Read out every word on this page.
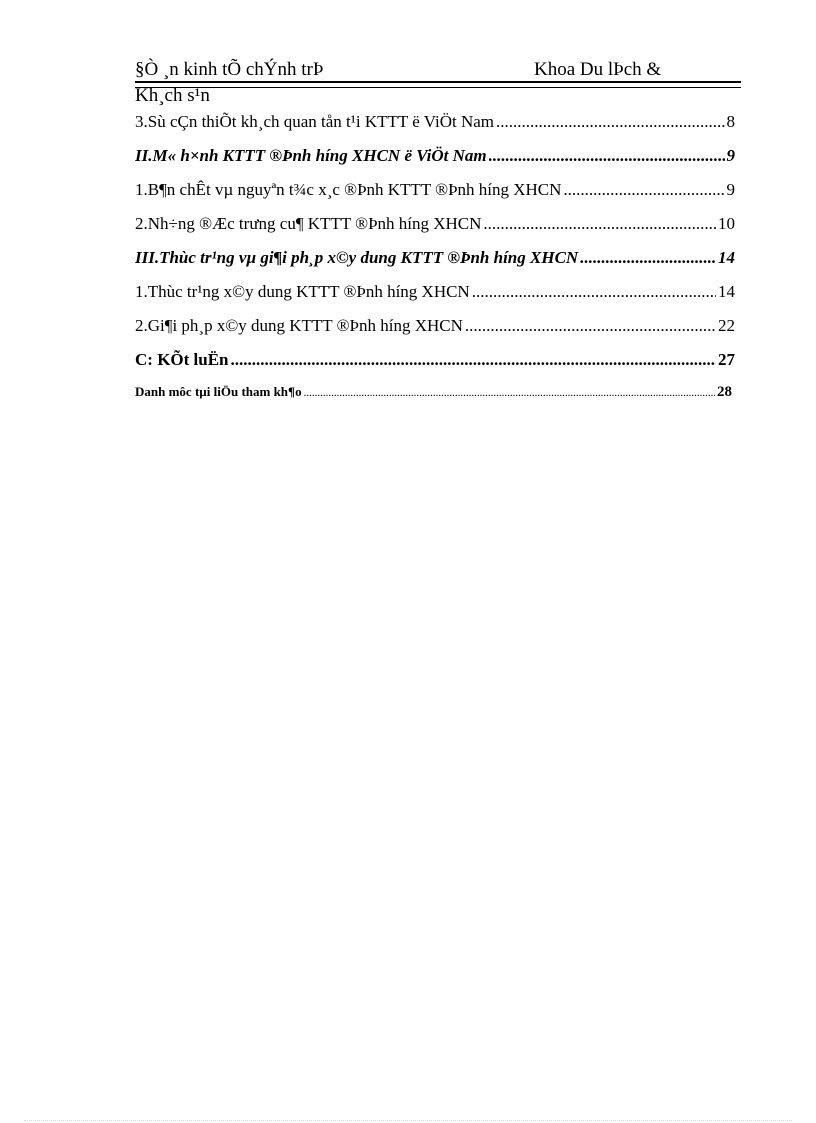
§Ò ¸n kinh tÕ chÝnh trÞ	Khoa Du lÞch &
Kh¸ch s¹n
3.Sù cÇn thiÕt kh¸ch quan tån t¹i KTTT ë ViÖt Nam .....	8
II.M« h×nh KTTT ®Þnh híng XHCN ë ViÖt Nam .....	9
1.B¶n chÊt vµ nguyªn t¾c x¸c ®Þnh KTTT ®Þnh híng XHCN .....	9
2.Nh÷ng ®Æc trưng cu¶ KTTT ®Þnh híng XHCN .....	10
III.Thùc tr¹ng vµ gi¶i ph¸p x©y dung KTTT ®Þnh híng XHCN .....	14
1.Thùc tr¹ng x©y dung KTTT ®Þnh híng XHCN .....	14
2.Gi¶i ph¸p x©y dung KTTT ®Þnh híng XHCN .....	22
C: KÕt luËn .....	27
Danh môc tµi liÖu tham kh¶o .....	28
